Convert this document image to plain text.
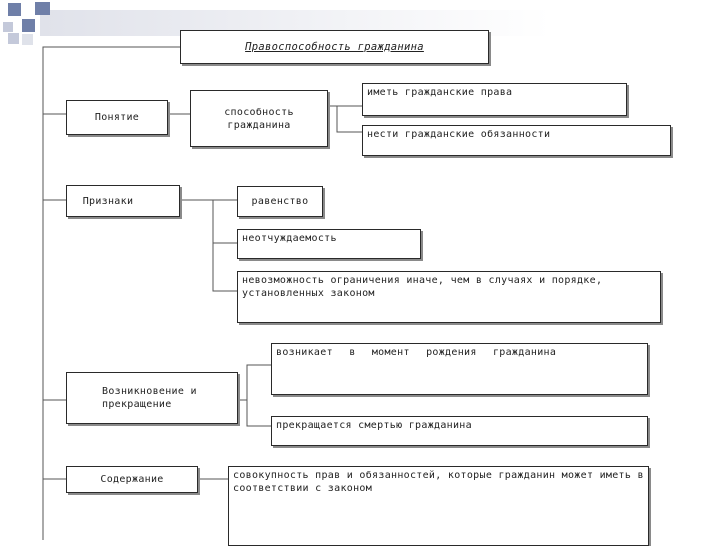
Правоспособность гражданина
Понятие	способность гражданина
иметь гражданские права
нести гражданские обязанности
Признаки	равенство
неотчуждаемость
невозможность ограничения иначе, чем в случаях и порядке, установленных законом
Возникновение и прекращение
возникает в момент рождения гражданина
прекращается смертью гражданина
Содержание	совокупность прав и обязанностей, которые гражданин может иметь в соответствии с законом
